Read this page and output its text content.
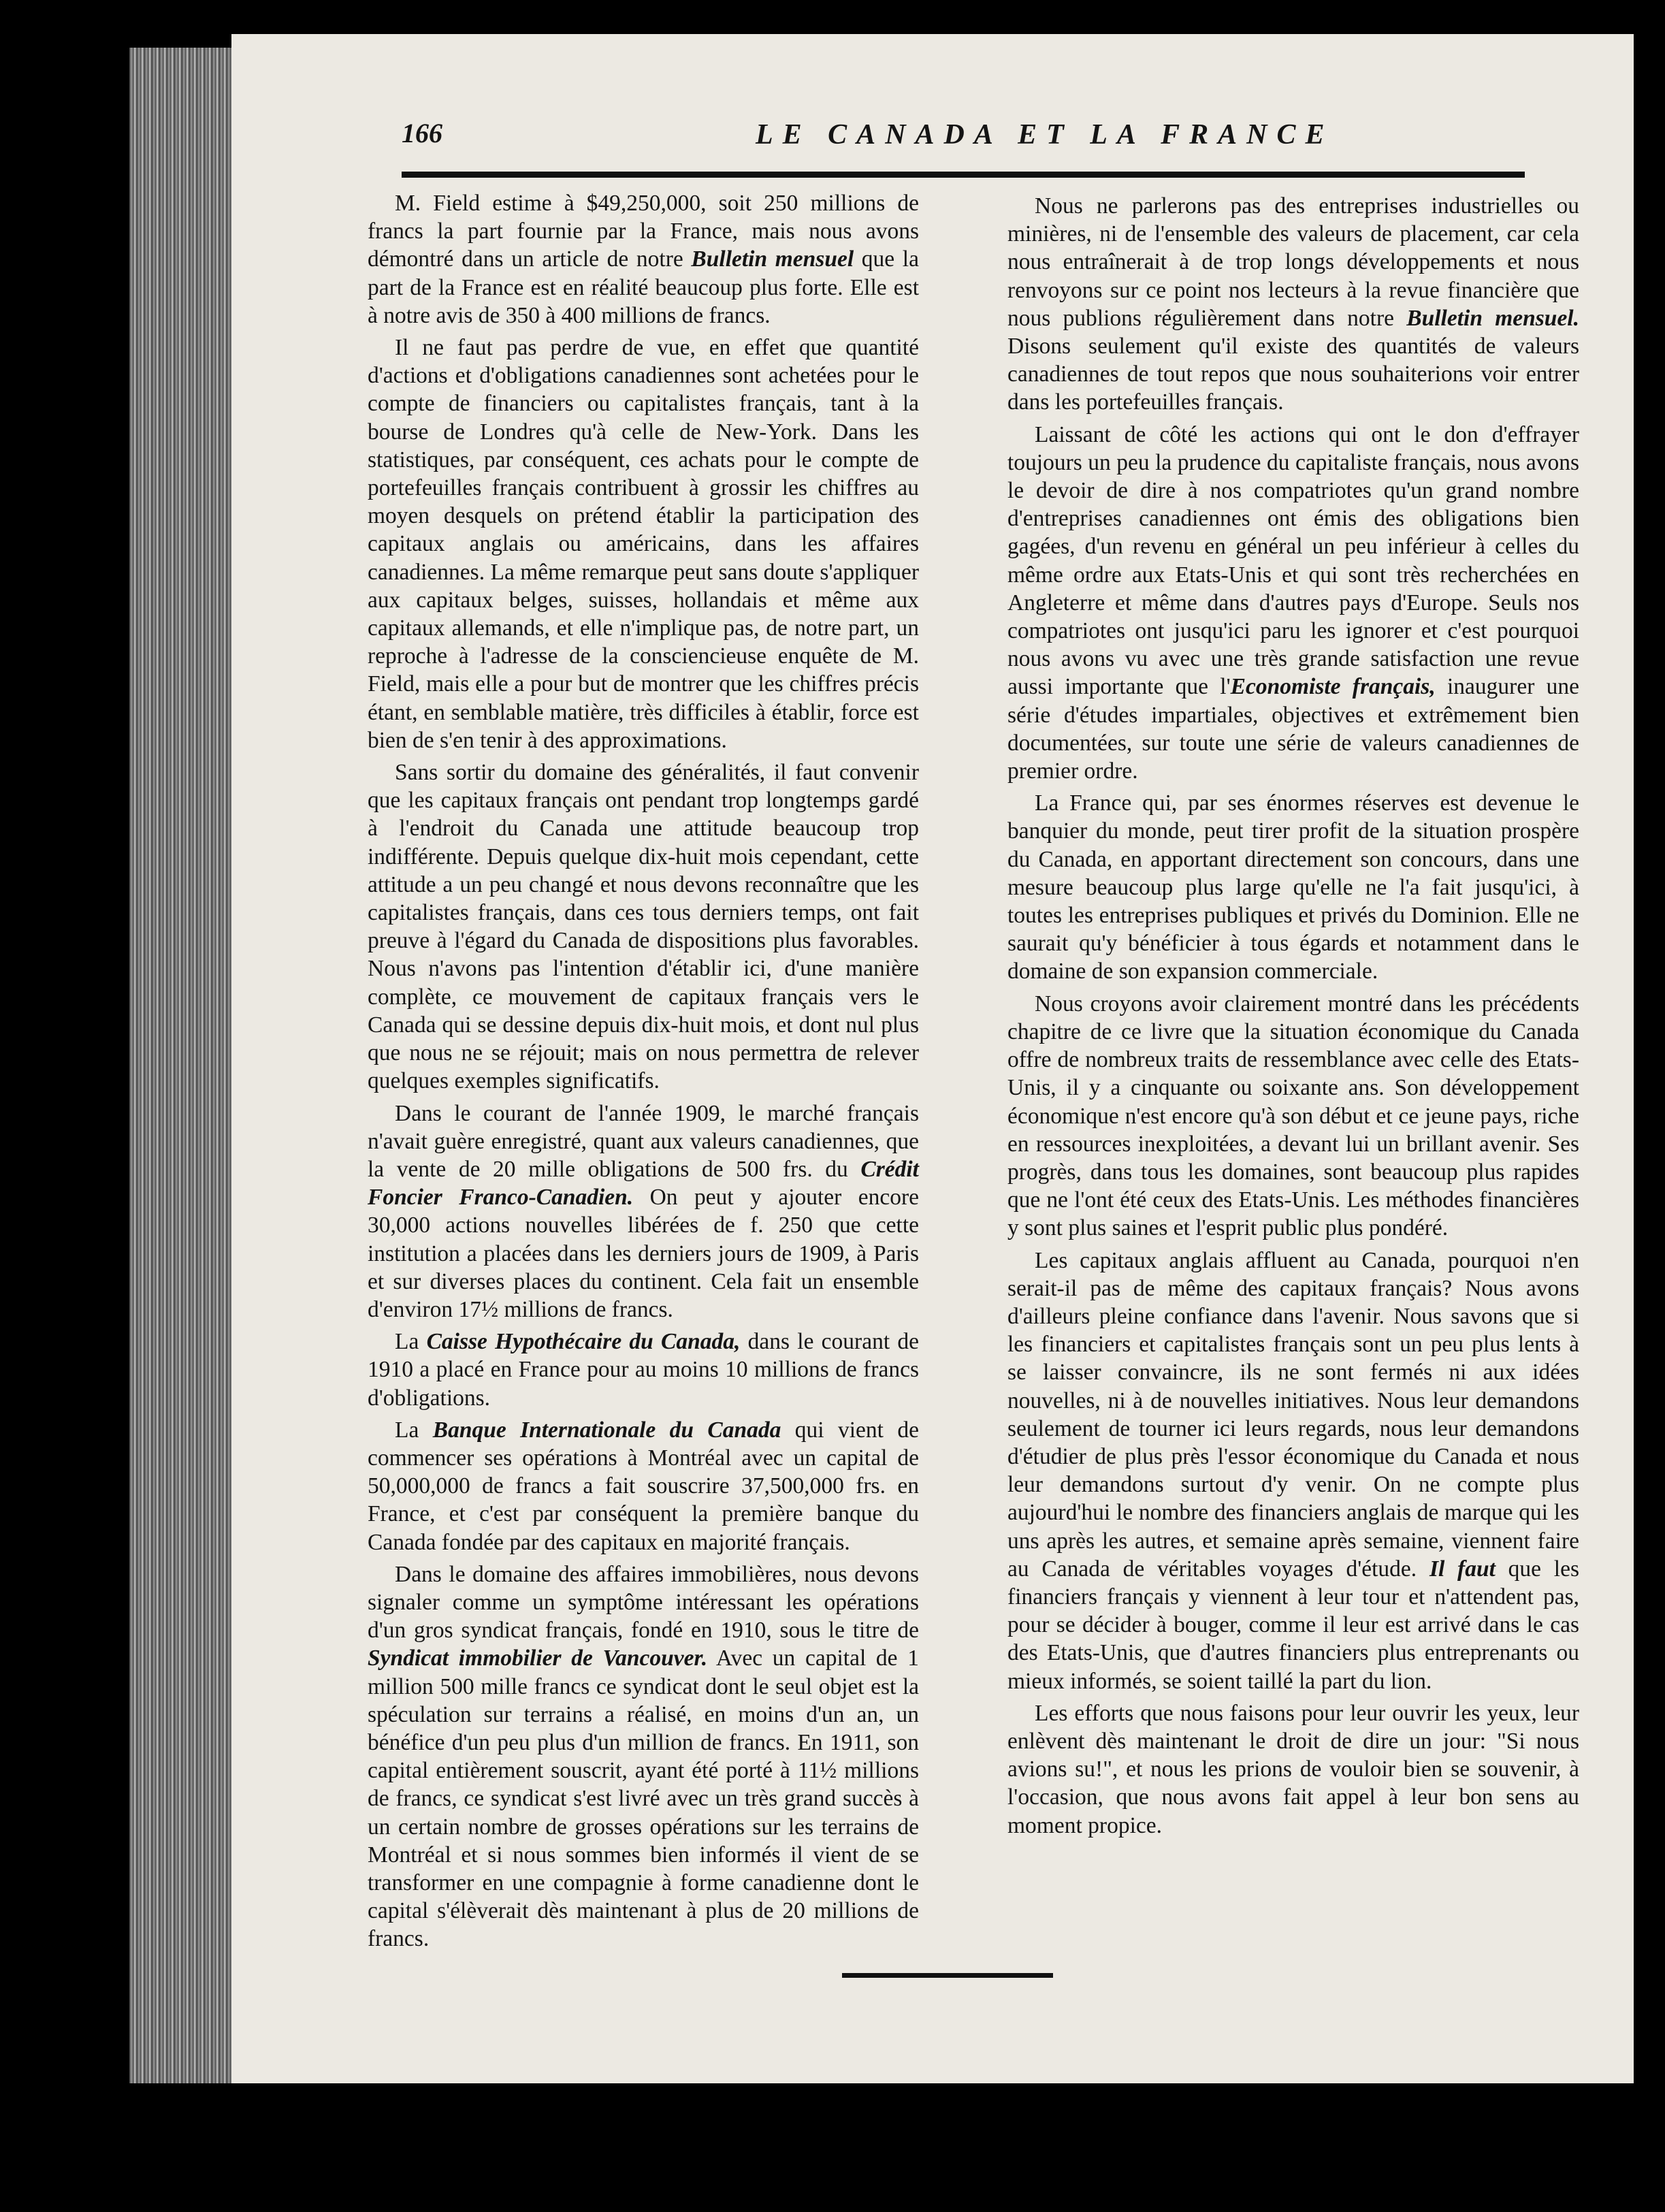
166	LE CANADA ET LA FRANCE

M. Field estime à $49,250,000, soit 250 millions de francs la part fournie par la France, mais nous avons démontré dans un article de notre Bulletin mensuel que la part de la France est en réalité beaucoup plus forte. Elle est à notre avis de 350 à 400 millions de francs.

Il ne faut pas perdre de vue, en effet que quantité d'actions et d'obligations canadiennes sont achetées pour le compte de financiers ou capitalistes français, tant à la bourse de Londres qu'à celle de New-York. Dans les statistiques, par conséquent, ces achats pour le compte de portefeuilles français contribuent à grossir les chiffres au moyen desquels on prétend établir la participation des capitaux anglais ou américains, dans les affaires canadiennes. La même remarque peut sans doute s'appliquer aux capitaux belges, suisses, hollandais et même aux capitaux allemands, et elle n'implique pas, de notre part, un reproche à l'adresse de la consciencieuse enquête de M. Field, mais elle a pour but de montrer que les chiffres précis étant, en semblable matière, très difficiles à établir, force est bien de s'en tenir à des approximations.

Sans sortir du domaine des généralités, il faut convenir que les capitaux français ont pendant trop longtemps gardé à l'endroit du Canada une attitude beaucoup trop indifférente. Depuis quelque dix-huit mois cependant, cette attitude a un peu changé et nous devons reconnaître que les capitalistes français, dans ces tous derniers temps, ont fait preuve à l'égard du Canada de dispositions plus favorables. Nous n'avons pas l'intention d'établir ici, d'une manière complète, ce mouvement de capitaux français vers le Canada qui se dessine depuis dix-huit mois, et dont nul plus que nous ne se réjouit; mais on nous permettra de relever quelques exemples significatifs.

Dans le courant de l'année 1909, le marché français n'avait guère enregistré, quant aux valeurs canadiennes, que la vente de 20 mille obligations de 500 frs. du Crédit Foncier Franco-Canadien. On peut y ajouter encore 30,000 actions nouvelles libérées de f. 250 que cette institution a placées dans les derniers jours de 1909, à Paris et sur diverses places du continent. Cela fait un ensemble d'environ 17½ millions de francs.

La Caisse Hypothécaire du Canada, dans le courant de 1910 a placé en France pour au moins 10 millions de francs d'obligations.

La Banque Internationale du Canada qui vient de commencer ses opérations à Montréal avec un capital de 50,000,000 de francs a fait souscrire 37,500,000 frs. en France, et c'est par conséquent la première banque du Canada fondée par des capitaux en majorité français.

Dans le domaine des affaires immobilières, nous devons signaler comme un symptôme intéressant les opérations d'un gros syndicat français, fondé en 1910, sous le titre de Syndicat immobilier de Vancouver. Avec un capital de 1 million 500 mille francs ce syndicat dont le seul objet est la spéculation sur terrains a réalisé, en moins d'un an, un bénéfice d'un peu plus d'un million de francs. En 1911, son capital entièrement souscrit, ayant été porté à 11½ millions de francs, ce syndicat s'est livré avec un très grand succès à un certain nombre de grosses opérations sur les terrains de Montréal et si nous sommes bien informés il vient de se transformer en une compagnie à forme canadienne dont le capital s'élèverait dès maintenant à plus de 20 millions de francs.

Nous ne parlerons pas des entreprises industrielles ou minières, ni de l'ensemble des valeurs de placement, car cela nous entraînerait à de trop longs développements et nous renvoyons sur ce point nos lecteurs à la revue financière que nous publions régulièrement dans notre Bulletin mensuel. Disons seulement qu'il existe des quantités de valeurs canadiennes de tout repos que nous souhaiterions voir entrer dans les portefeuilles français.

Laissant de côté les actions qui ont le don d'effrayer toujours un peu la prudence du capitaliste français, nous avons le devoir de dire à nos compatriotes qu'un grand nombre d'entreprises canadiennes ont émis des obligations bien gagées, d'un revenu en général un peu inférieur à celles du même ordre aux Etats-Unis et qui sont très recherchées en Angleterre et même dans d'autres pays d'Europe. Seuls nos compatriotes ont jusqu'ici paru les ignorer et c'est pourquoi nous avons vu avec une très grande satisfaction une revue aussi importante que l'Economiste français, inaugurer une série d'études impartiales, objectives et extrêmement bien documentées, sur toute une série de valeurs canadiennes de premier ordre.

La France qui, par ses énormes réserves est devenue le banquier du monde, peut tirer profit de la situation prospère du Canada, en apportant directement son concours, dans une mesure beaucoup plus large qu'elle ne l'a fait jusqu'ici, à toutes les entreprises publiques et privés du Dominion. Elle ne saurait qu'y bénéficier à tous égards et notamment dans le domaine de son expansion commerciale.

Nous croyons avoir clairement montré dans les précédents chapitre de ce livre que la situation économique du Canada offre de nombreux traits de ressemblance avec celle des Etats-Unis, il y a cinquante ou soixante ans. Son développement économique n'est encore qu'à son début et ce jeune pays, riche en ressources inexploitées, a devant lui un brillant avenir. Ses progrès, dans tous les domaines, sont beaucoup plus rapides que ne l'ont été ceux des Etats-Unis. Les méthodes financières y sont plus saines et l'esprit public plus pondéré.

Les capitaux anglais affluent au Canada, pourquoi n'en serait-il pas de même des capitaux français? Nous avons d'ailleurs pleine confiance dans l'avenir. Nous savons que si les financiers et capitalistes français sont un peu plus lents à se laisser convaincre, ils ne sont fermés ni aux idées nouvelles, ni à de nouvelles initiatives. Nous leur demandons seulement de tourner ici leurs regards, nous leur demandons d'étudier de plus près l'essor économique du Canada et nous leur demandons surtout d'y venir. On ne compte plus aujourd'hui le nombre des financiers anglais de marque qui les uns après les autres, et semaine après semaine, viennent faire au Canada de véritables voyages d'étude. Il faut que les financiers français y viennent à leur tour et n'attendent pas, pour se décider à bouger, comme il leur est arrivé dans le cas des Etats-Unis, que d'autres financiers plus entreprenants ou mieux informés, se soient taillé la part du lion.

Les efforts que nous faisons pour leur ouvrir les yeux, leur enlèvent dès maintenant le droit de dire un jour: "Si nous avions su!", et nous les prions de vouloir bien se souvenir, à l'occasion, que nous avons fait appel à leur bon sens au moment propice.
